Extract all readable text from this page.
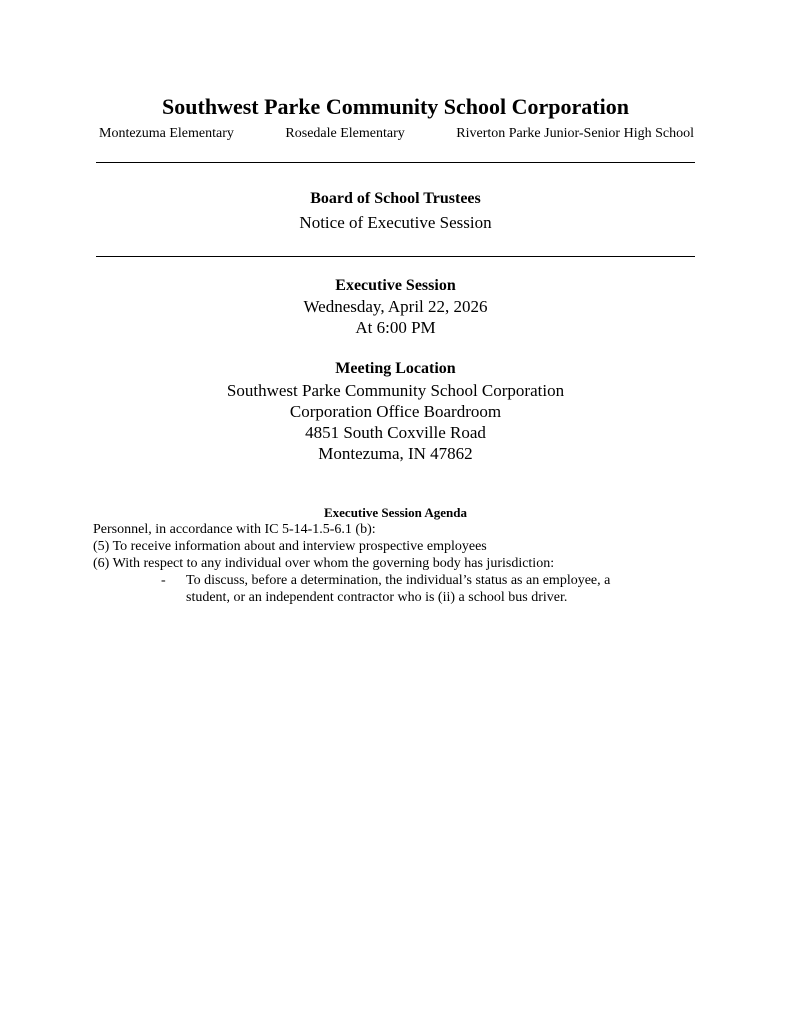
Southwest Parke Community School Corporation
Montezuma Elementary	Rosedale Elementary	Riverton Parke Junior-Senior High School
Board of School Trustees
Notice of Executive Session
Executive Session
Wednesday, April 22, 2026
At 6:00 PM
Meeting Location
Southwest Parke Community School Corporation
Corporation Office Boardroom
4851 South Coxville Road
Montezuma, IN 47862
Executive Session Agenda
Personnel, in accordance with IC 5-14-1.5-6.1 (b):
(5) To receive information about and interview prospective employees
(6) With respect to any individual over whom the governing body has jurisdiction:
- To discuss, before a determination, the individual’s status as an employee, a student, or an independent contractor who is (ii) a school bus driver.
